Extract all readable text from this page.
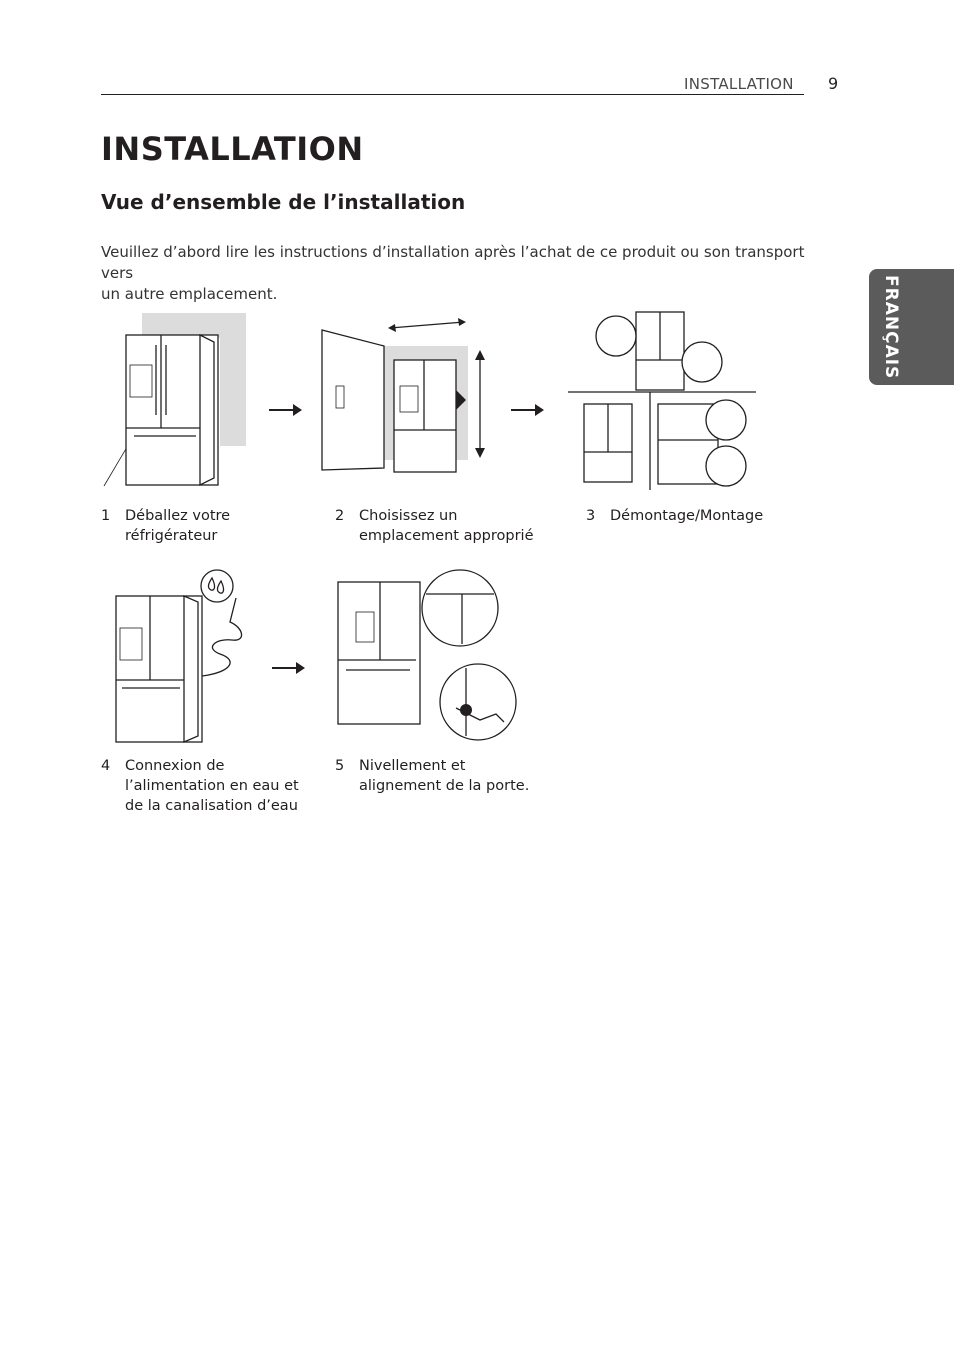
INSTALLATION 9
FRANÇAIS
INSTALLATION
Vue d’ensemble de l’installation
Veuillez d’abord lire les instructions d’installation après l’achat de ce produit ou son transport vers
un autre emplacement.
1 Déballez votre
réfrigérateur
2 Choisissez un
emplacement approprié
3 Démontage/Montage
4 Connexion de
l’alimentation en eau et
de la canalisation d’eau
5 Nivellement et
alignement de la porte.
